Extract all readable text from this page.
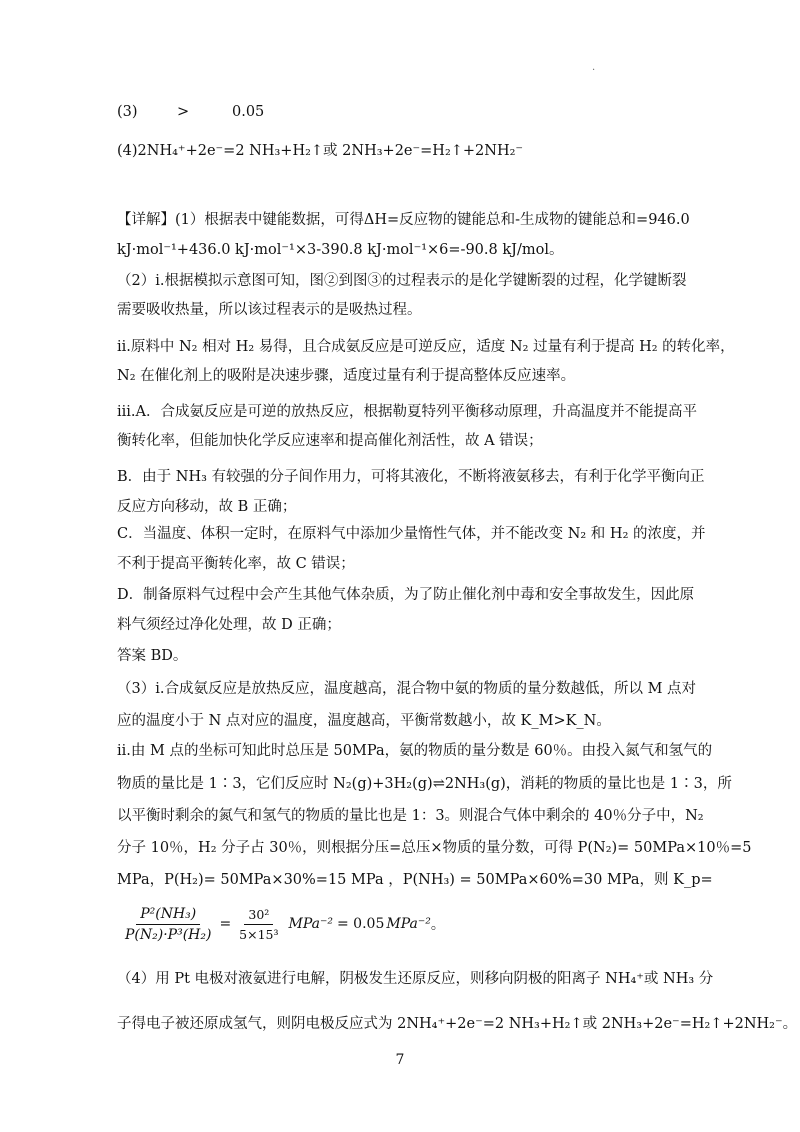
.
(3)	>	0.05
(4)2NH₄⁺+2e⁻=2 NH₃+H₂↑或 2NH₃+2e⁻=H₂↑+2NH₂⁻
【详解】(1）根据表中键能数据，可得ΔH=反应物的键能总和-生成物的键能总和=946.0
kJ·mol⁻¹+436.0 kJ·mol⁻¹×3-390.8 kJ·mol⁻¹×6=-90.8 kJ/mol。
（2）i.根据模拟示意图可知，图②到图③的过程表示的是化学键断裂的过程，化学键断裂
需要吸收热量，所以该过程表示的是吸热过程。
ii.原料中 N₂ 相对 H₂ 易得，且合成氨反应是可逆反应，适度 N₂ 过量有利于提高 H₂ 的转化率，
N₂ 在催化剂上的吸附是决速步骤，适度过量有利于提高整体反应速率。
iii.A．合成氨反应是可逆的放热反应，根据勒夏特列平衡移动原理，升高温度并不能提高平
衡转化率，但能加快化学反应速率和提高催化剂活性，故 A 错误；
B．由于 NH₃ 有较强的分子间作用力，可将其液化，不断将液氨移去，有利于化学平衡向正
反应方向移动，故 B 正确；
C．当温度、体积一定时，在原料气中添加少量惰性气体，并不能改变 N₂ 和 H₂ 的浓度，并
不利于提高平衡转化率，故 C 错误；
D．制备原料气过程中会产生其他气体杂质，为了防止催化剂中毒和安全事故发生，因此原
料气须经过净化处理，故 D 正确；
答案 BD。
（3）i.合成氨反应是放热反应，温度越高，混合物中氨的物质的量分数越低，所以 M 点对
应的温度小于 N 点对应的温度，温度越高，平衡常数越小，故 K_M>K_N。
ii.由 M 点的坐标可知此时总压是 50MPa，氨的物质的量分数是 60％。由投入氮气和氢气的
物质的量比是 1∶3，它们反应时 N₂(g)+3H₂(g)⇌2NH₃(g)，消耗的物质的量比也是 1∶3，所
以平衡时剩余的氮气和氢气的物质的量比也是 1：3。则混合气体中剩余的 40％分子中，N₂
分子 10％，H₂ 分子占 30％，则根据分压=总压×物质的量分数，可得 P(N₂)= 50MPa×10％=5
MPa，P(H₂)= 50MPa×30%=15 MPa ，P(NH₃) = 50MPa×60%=30 MPa，则 K_p=
$\frac{\text{P²(NH₃)}}{\text{P(N₂)·P³(H₂)}} = \frac{\text{30²}}{\text{5×15³}} MPa^{-2} = 0.05$ MPa⁻² 。
（4）用 Pt 电极对液氨进行电解，阴极发生还原反应，则移向阴极的阳离子 NH₄⁺或 NH₃ 分
子得电子被还原成氢气，则阴电极反应式为 2NH₄⁺+2e⁻=2 NH₃+H₂↑或 2NH₃+2e⁻=H₂↑+2NH₂⁻。
7
